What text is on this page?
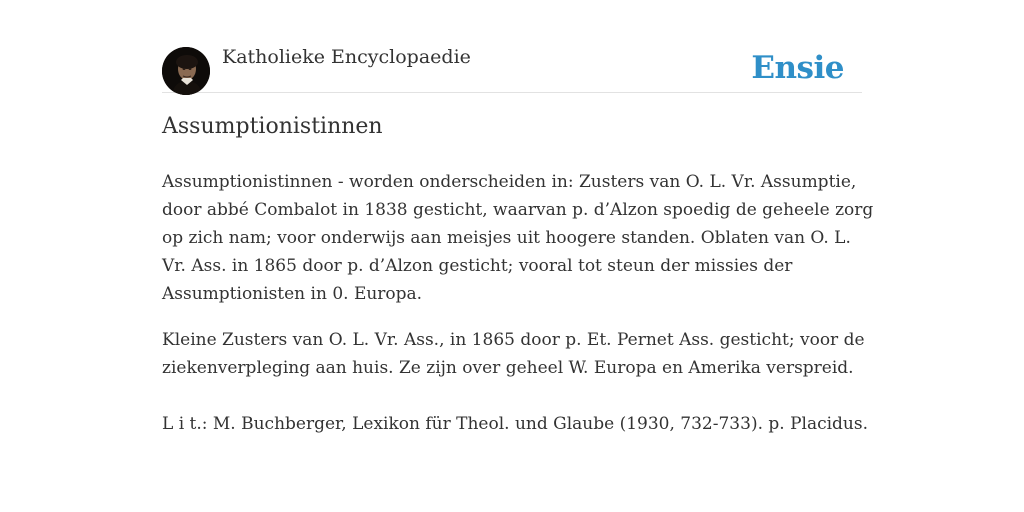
Katholieke Encyclopaedie	Ensie
Assumptionistinnen

Assumptionistinnen - worden onderscheiden in: Zusters van O. L. Vr. Assumptie,
door abbé Combalot in 1838 gesticht, waarvan p. d’Alzon spoedig de geheele zorg
op zich nam; voor onderwijs aan meisjes uit hoogere standen. Oblaten van O. L.
Vr. Ass. in 1865 door p. d’Alzon gesticht; vooral tot steun der missies der
Assumptionisten in 0. Europa.

Kleine Zusters van O. L. Vr. Ass., in 1865 door p. Et. Pernet Ass. gesticht; voor de
ziekenverpleging aan huis. Ze zijn over geheel W. Europa en Amerika verspreid.

L i t.: M. Buchberger, Lexikon für Theol. und Glaube (1930, 732-733). p. Placidus.
